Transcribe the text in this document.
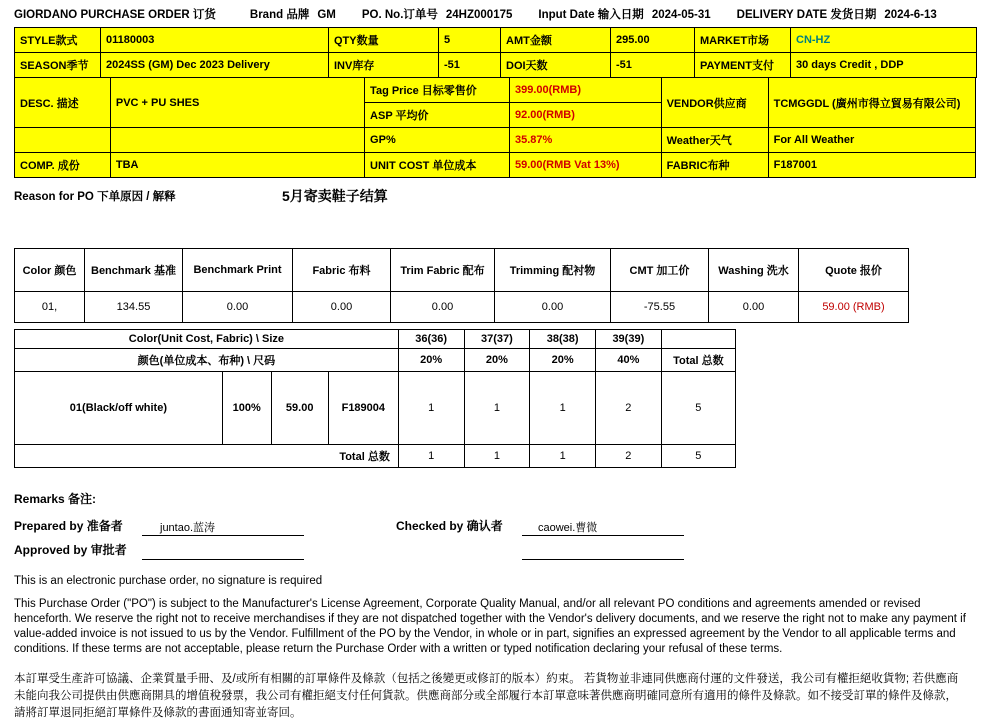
GIORDANO PURCHASE ORDER 订货	Brand 品牌 GM PO. No.订单号 24HZ000175 Input Date 输入日期 2024-05-31 DELIVERY DATE 发货日期 2024-6-13
STYLE款式	01180003	QTY数量	5	AMT金额	295.00	MARKET市场	CN-HZ
SEASON季节	2024SS (GM) Dec 2023 Delivery	INV库存	-51	DOI天数	-51	PAYMENT支付	30 days Credit , DDP
DESC. 描述	PVC + PU SHES	Tag Price 目标零售价	399.00(RMB)	VENDOR供应商	TCMGGDL (廣州市得立貿易有限公司)
		ASP 平均价	92.00(RMB)		
		GP%	35.87%	Weather天气	For All Weather
COMP. 成份	TBA	UNIT COST 单位成本	59.00(RMB Vat 13%)	FABRIC布种	F187001
Reason for PO 下单原因 / 解释	5月寄卖鞋子结算
Color 颜色	Benchmark 基准	Benchmark Print	Fabric 布料	Trim Fabric 配布	Trimming 配衬物	CMT 加工价	Washing 洗水	Quote 报价
01,	134.55	0.00	0.00	0.00	0.00	-75.55	0.00	59.00 (RMB)
Color(Unit Cost, Fabric) \ Size				36(36)	37(37)	38(38)	39(39)	
颜色(单位成本、布种) \ 尺码				20%	20%	20%	40%	Total 总数
01(Black/off white)	100%	59.00	F189004	1	1	1	2	5
Total 总数				1	1	1	2	5
Remarks 备注:
Prepared by 准备者	juntao.蓝涛	Checked by 确认者	caowei.曹微
Approved by 审批者
This is an electronic purchase order, no signature is required
This Purchase Order ("PO") is subject to the Manufacturer's License Agreement, Corporate Quality Manual, and/or all relevant PO conditions and agreements amended or revised henceforth. We reserve the right not to receive merchandises if they are not dispatched together with the Vendor's delivery documents, and we reserve the right not to make any payment if value-added invoice is not issued to us by the Vendor. Fulfillment of the PO by the Vendor, in whole or in part, signifies an expressed agreement by the Vendor to all applicable terms and conditions. If these terms are not acceptable, please return the Purchase Order with a written or typed notification declaring your refusal of these terms.
本訂單受生產許可協議、企業質量手冊、及/或所有相關的訂單條件及條款（包括之後變更或修訂的版本）約束。 若貨物並非連同供應商付運的文件發送，我公司有權拒絕收貨物; 若供應商未能向我公司提供由供應商開具的增值稅發票，我公司有權拒絕支付任何貨款。供應商部分或全部履行本訂單意味著供應商明確同意所有適用的條件及條款。如不接受訂單的條件及條款，請將訂單退同拒絕訂單條件及條款的書面通知寄並寄回。
